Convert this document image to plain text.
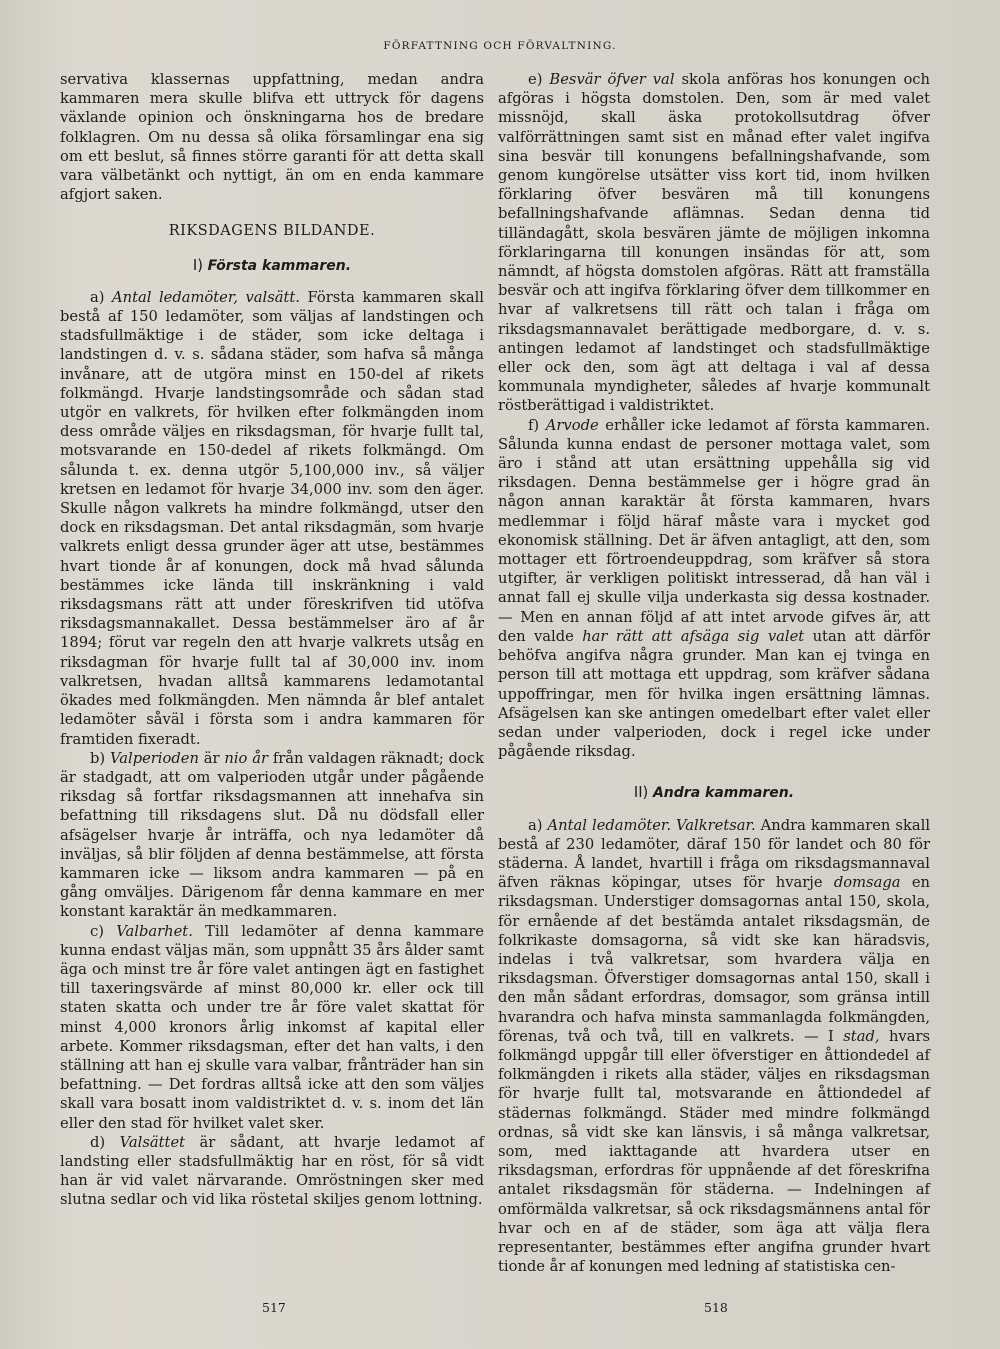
FÖRFATTNING OCH FÖRVALTNING.

servativa klassernas uppfattning, medan andra kammaren mera skulle blifva ett uttryck för dagens växlande opinion och önskningarna hos de bredare folklagren. Om nu dessa så olika församlingar ena sig om ett beslut, så finnes större garanti för att detta skall vara välbetänkt och nyttigt, än om en enda kammare afgjort saken.

RIKSDAGENS BILDANDE.
I) Första kammaren.

a) Antal ledamöter, valsätt. Första kammaren skall bestå af 150 ledamöter, som väljas af landstingen och stadsfullmäktige i de städer, som icke deltaga i landstingen d. v. s. sådana städer, som hafva så många invånare, att de utgöra minst en 150-del af rikets folkmängd. Hvarje landstingsområde och sådan stad utgör en valkrets, för hvilken efter folkmängden inom dess område väljes en riksdagsman, för hvarje fullt tal, motsvarande en 150-dedel af rikets folkmängd. Om sålunda t. ex. denna utgör 5,100,000 inv., så väljer kretsen en ledamot för hvarje 34,000 inv. som den äger. Skulle någon valkrets ha mindre folkmängd, utser den dock en riksdagsman. Det antal riksdagmän, som hvarje valkrets enligt dessa grunder äger att utse, bestämmes hvart tionde år af konungen, dock må hvad sålunda bestämmes icke lända till inskränkning i vald riksdagsmans rätt att under föreskrifven tid utöfva riksdagsmannakallet. Dessa bestämmelser äro af år 1894; förut var regeln den att hvarje valkrets utsåg en riksdagman för hvarje fullt tal af 30,000 inv. inom valkretsen, hvadan alltså kammarens ledamotantal ökades med folkmängden. Men nämnda år blef antalet ledamöter såväl i första som i andra kammaren för framtiden fixeradt.

b) Valperioden är nio år från valdagen räknadt; dock är stadgadt, att om valperioden utgår under pågående riksdag så fortfar riksdagsmannen att innehafva sin befattning till riksdagens slut. Då nu dödsfall eller afsägelser hvarje år inträffa, och nya ledamöter då inväljas, så blir följden af denna bestämmelse, att första kammaren icke — liksom andra kammaren — på en gång omväljes. Därigenom får denna kammare en mer konstant karaktär än medkammaren.

c) Valbarhet. Till ledamöter af denna kammare kunna endast väljas män, som uppnått 35 års ålder samt äga och minst tre år före valet antingen ägt en fastighet till taxeringsvärde af minst 80,000 kr. eller ock till staten skatta och under tre år före valet skattat för minst 4,000 kronors årlig inkomst af kapital eller arbete. Kommer riksdagsman, efter det han valts, i den ställning att han ej skulle vara valbar, frånträder han sin befattning. — Det fordras alltså icke att den som väljes skall vara bosatt inom valdistriktet d. v. s. inom det län eller den stad för hvilket valet sker.

d) Valsättet är sådant, att hvarje ledamot af landsting eller stadsfullmäktig har en röst, för så vidt han är vid valet närvarande. Omröstningen sker med slutna sedlar och vid lika röstetal skiljes genom lottning.

e) Besvär öfver val skola anföras hos konungen och afgöras i högsta domstolen. Den, som är med valet missnöjd, skall äska protokollsutdrag öfver valförrättningen samt sist en månad efter valet ingifva sina besvär till konungens befallningshafvande, som genom kungörelse utsätter viss kort tid, inom hvilken förklaring öfver besvären må till konungens befallningshafvande aflämnas. Sedan denna tid tilländagått, skola besvären jämte de möjligen inkomna förklaringarna till konungen insändas för att, som nämndt, af högsta domstolen afgöras. Rätt att framställa besvär och att ingifva förklaring öfver dem tillkommer en hvar af valkretsens till rätt och talan i fråga om riksdagsmannavalet berättigade medborgare, d. v. s. antingen ledamot af landstinget och stadsfullmäktige eller ock den, som ägt att deltaga i val af dessa kommunala myndigheter, således af hvarje kommunalt röstberättigad i valdistriktet.

f) Arvode erhåller icke ledamot af första kammaren. Sålunda kunna endast de personer mottaga valet, som äro i stånd att utan ersättning uppehålla sig vid riksdagen. Denna bestämmelse ger i högre grad än någon annan karaktär åt första kammaren, hvars medlemmar i följd häraf måste vara i mycket god ekonomisk ställning. Det är äfven antagligt, att den, som mottager ett förtroendeuppdrag, som kräfver så stora utgifter, är verkligen politiskt intresserad, då han väl i annat fall ej skulle vilja underkasta sig dessa kostnader. — Men en annan följd af att intet arvode gifves är, att den valde har rätt att afsäga sig valet utan att därför behöfva angifva några grunder. Man kan ej tvinga en person till att mottaga ett uppdrag, som kräfver sådana uppoffringar, men för hvilka ingen ersättning lämnas. Afsägelsen kan ske antingen omedelbart efter valet eller sedan under valperioden, dock i regel icke under pågående riksdag.

II) Andra kammaren.

a) Antal ledamöter. Valkretsar. Andra kammaren skall bestå af 230 ledamöter, däraf 150 för landet och 80 för städerna. Å landet, hvartill i fråga om riksdagsmannaval äfven räknas köpingar, utses för hvarje domsaga en riksdagsman. Understiger domsagornas antal 150, skola, för ernående af det bestämda antalet riksdagsmän, de folkrikaste domsagorna, så vidt ske kan häradsvis, indelas i två valkretsar, som hvardera välja en riksdagsman. Öfverstiger domsagornas antal 150, skall i den mån sådant erfordras, domsagor, som gränsa intill hvarandra och hafva minsta sammanlagda folkmängden, förenas, två och två, till en valkrets. — I stad, hvars folkmängd uppgår till eller öfverstiger en åttiondedel af folkmängden i rikets alla städer, väljes en riksdagsman för hvarje fullt tal, motsvarande en åttiondedel af städernas folkmängd. Städer med mindre folkmängd ordnas, så vidt ske kan länsvis, i så många valkretsar, som, med iakttagande att hvardera utser en riksdagsman, erfordras för uppnående af det föreskrifna antalet riksdagsmän för städerna. — Indelningen af omförmälda valkretsar, så ock riksdagsmännens antal för hvar och en af de städer, som äga att välja flera representanter, bestämmes efter angifna grunder hvart tionde år af konungen med ledning af statistiska cen-

517	518
